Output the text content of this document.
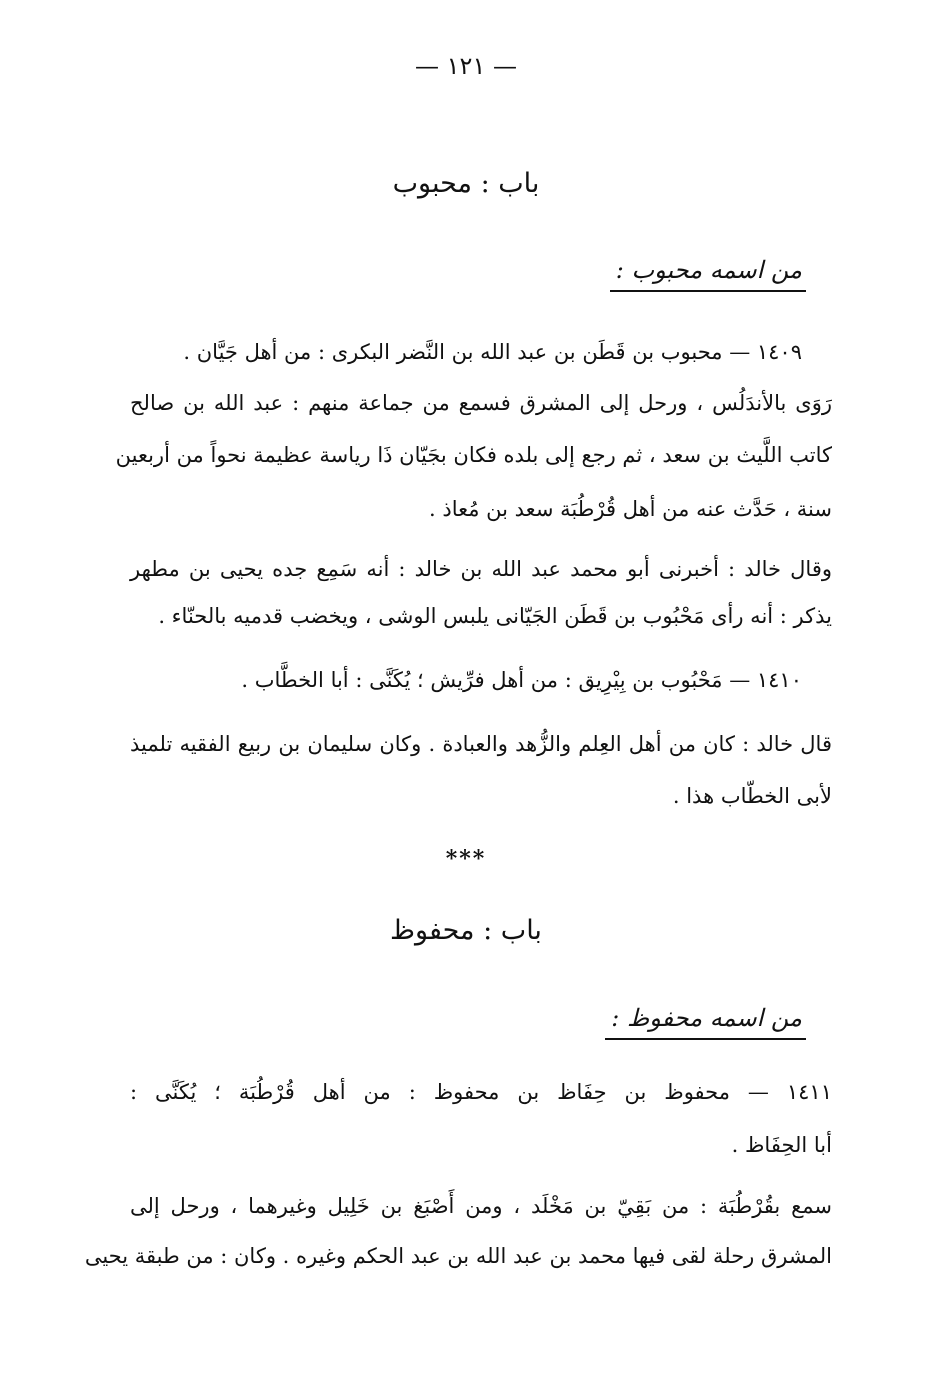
— ١٢١ —
باب : محبوب
من اسمه محبوب :
١٤٠٩ — محبوب بن قَطَن بن عبد الله بن النَّضر البكرى : من أهل جَيَّان .
رَوَى بالأندَلُس ، ورحل إلى المشرق فسمع من جماعة منهم : عبد الله بن صالح
كاتب اللَّيث بن سعد ، ثم رجع إلى بلده فكان بجَيّان ذَا رياسة عظيمة نحواً من أربعين
سنة ، حَدَّث عنه من أهل قُرْطُبَة سعد بن مُعاذ .
وقال خالد : أخبرنى أبو محمد عبد الله بن خالد : أنه سَمِع جده يحيى بن مطهر
يذكر : أنه رأى مَحْبُوب بن قَطَن الجَيّانى يلبس الوشى ، ويخضب قدميه بالحنّاء .
١٤١٠ — مَحْبُوب بن بِيْرِيق : من أهل فرِّيش ؛ يُكَنَّى : أبا الخطَّاب .
قال خالد : كان من أهل العِلم والزُّهد والعبادة . وكان سليمان بن ربيع الفقيه تلميذ
لأبى الخطّاب هذا .
***
باب : محفوظ
من اسمه محفوظ :
١٤١١ — محفوظ بن حِفَاظ بن محفوظ : من أهل قُرْطُبَة ؛ يُكَنَّى :
أبا الحِفَاظ .
سمع بقُرْطُبَة : من بَقِيّ بن مَخْلَد ، ومن أَصْبَغ بن خَلِيل وغيرهما ، ورحل إلى
المشرق رحلة لقى فيها محمد بن عبد الله بن عبد الحكم وغيره . وكان : من طبقة يحيى
